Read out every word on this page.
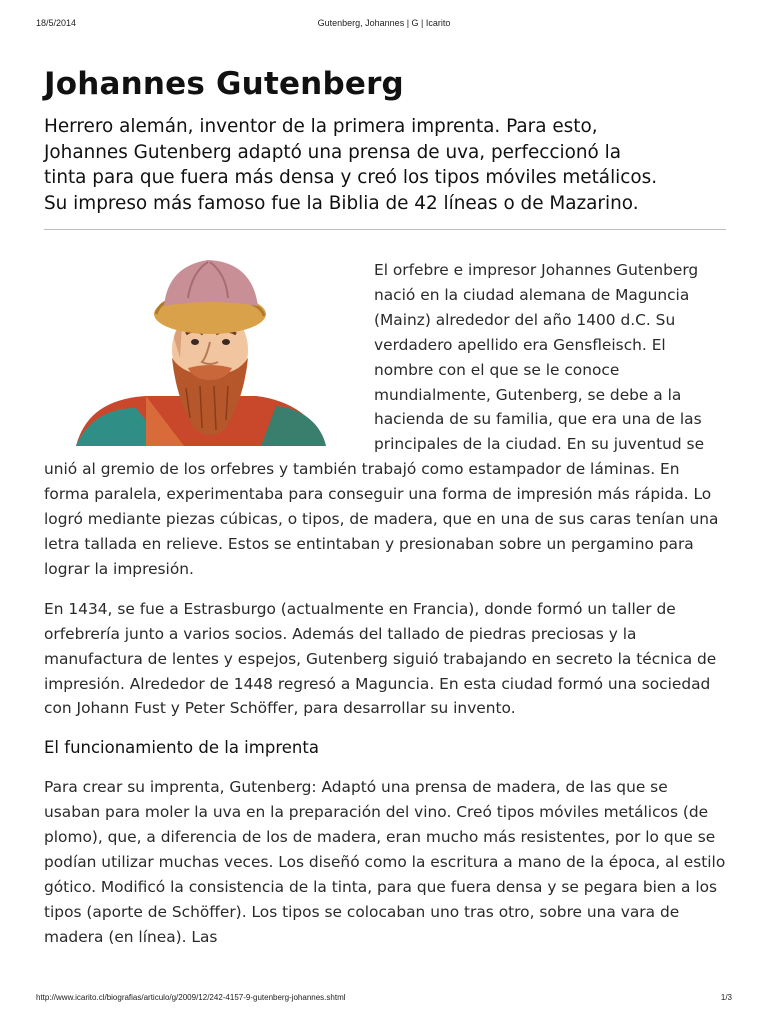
18/5/2014	Gutenberg, Johannes | G | Icarito
Johannes Gutenberg

Herrero alemán, inventor de la primera imprenta. Para esto,
Johannes Gutenberg adaptó una prensa de uva, perfeccionó la
tinta para que fuera más densa y creó los tipos móviles metálicos.
Su impreso más famoso fue la Biblia de 42 líneas o de Mazarino.

El orfebre e impresor Johannes Gutenberg nació en la ciudad alemana de Maguncia (Mainz) alrededor del año 1400 d.C. Su verdadero apellido era Gensfleisch. El nombre con el que se le conoce mundialmente, Gutenberg, se debe a la hacienda de su familia, que era una de las principales de la ciudad. En su juventud se unió al gremio de los orfebres y también trabajó como estampador de láminas. En forma paralela, experimentaba para conseguir una forma de impresión más rápida. Lo logró mediante piezas cúbicas, o tipos, de madera, que en una de sus caras tenían una letra tallada en relieve. Estos se entintaban y presionaban sobre un pergamino para lograr la impresión.

En 1434, se fue a Estrasburgo (actualmente en Francia), donde formó un taller de orfebrería junto a varios socios. Además del tallado de piedras preciosas y la manufactura de lentes y espejos, Gutenberg siguió trabajando en secreto la técnica de impresión. Alrededor de 1448 regresó a Maguncia. En esta ciudad formó una sociedad con Johann Fust y Peter Schöffer, para desarrollar su invento.

El funcionamiento de la imprenta

Para crear su imprenta, Gutenberg: Adaptó una prensa de madera, de las que se usaban para moler la uva en la preparación del vino. Creó tipos móviles metálicos (de plomo), que, a diferencia de los de madera, eran mucho más resistentes, por lo que se podían utilizar muchas veces. Los diseñó como la escritura a mano de la época, al estilo gótico. Modificó la consistencia de la tinta, para que fuera densa y se pegara bien a los tipos (aporte de Schöffer). Los tipos se colocaban uno tras otro, sobre una vara de madera (en línea). Las

http://www.icarito.cl/biografias/articulo/g/2009/12/242-4157-9-gutenberg-johannes.shtml	1/3
